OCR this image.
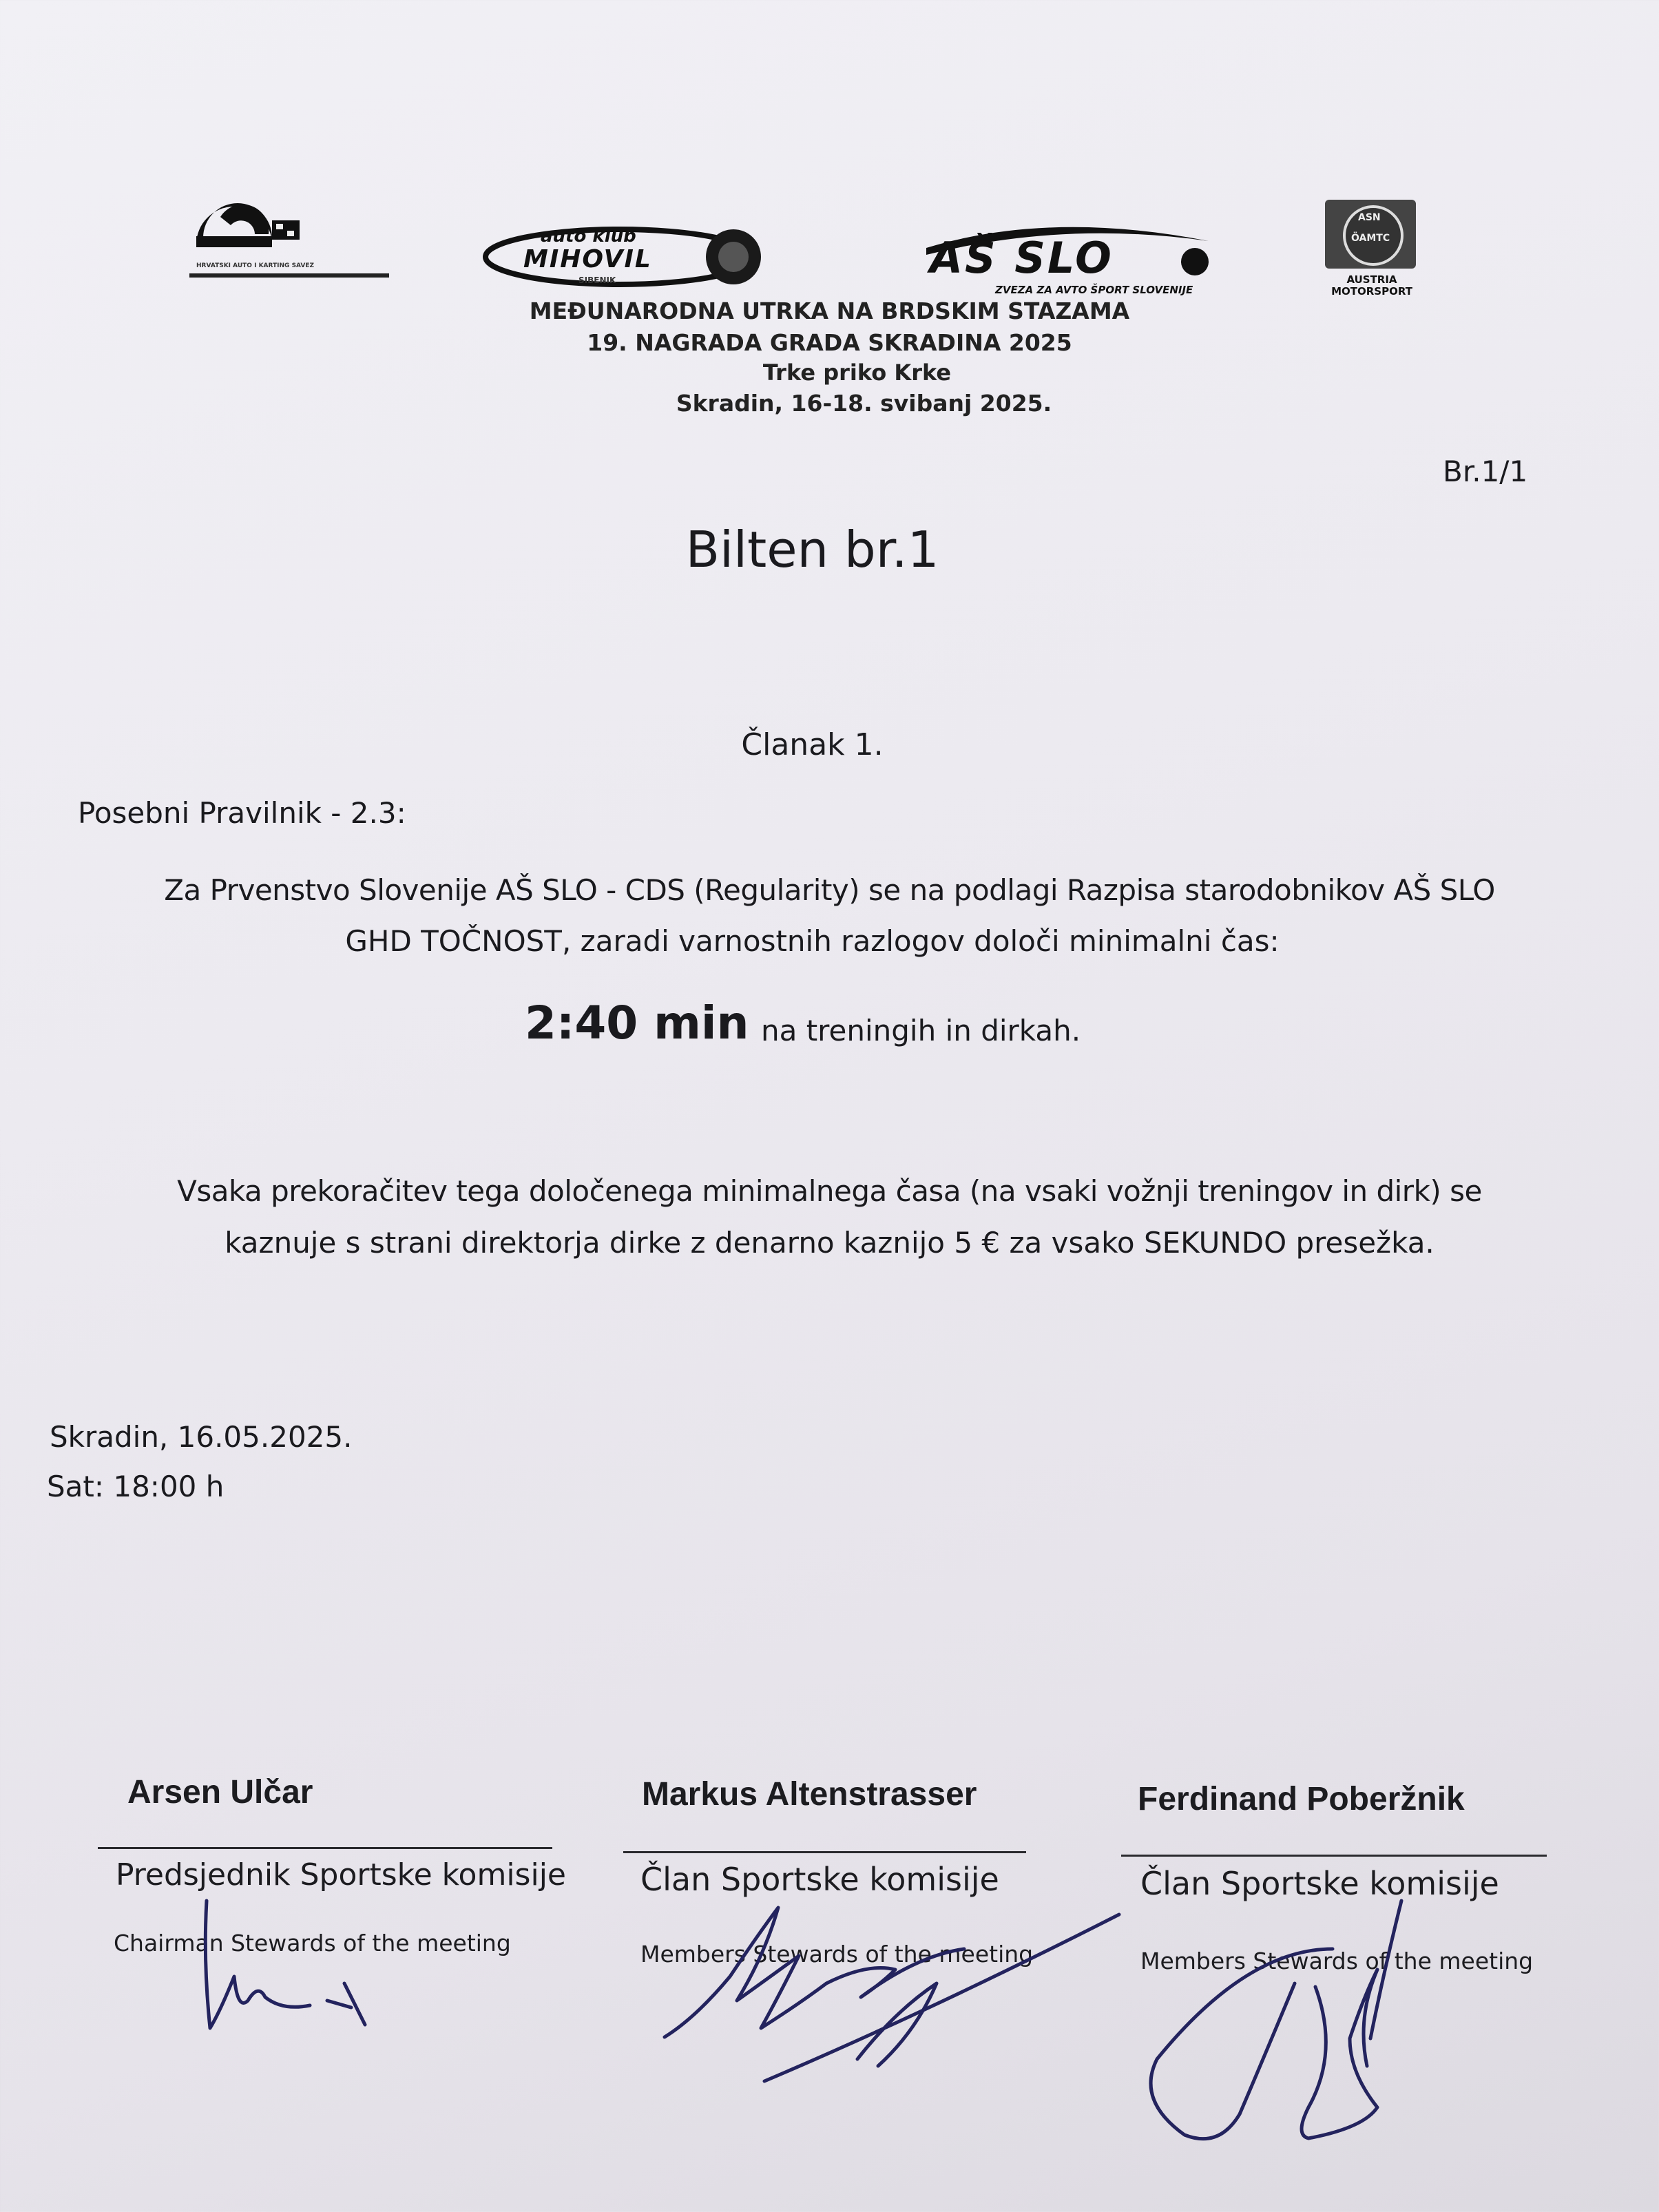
HRVATSKI AUTO I KARTING SAVEZ
auto klub
MIHOVIL
SIBENIK	AŠ SLO
ZVEZA ZA AVTO ŠPORT SLOVENIJE
ASN
ÖAMTC
AUSTRIA MOTORSPORT
MEĐUNARODNA UTRKA NA BRDSKIM STAZAMA
19. NAGRADA GRADA SKRADINA 2025
Trke priko Krke
Skradin, 16-18. svibanj 2025.
Br.1/1
Bilten br.1
Članak 1.
Posebni Pravilnik - 2.3:
Za Prvenstvo Slovenije AŠ SLO - CDS (Regularity) se na podlagi Razpisa starodobnikov AŠ SLO
GHD TOČNOST, zaradi varnostnih razlogov določi minimalni čas:
2:40 min na treningih in dirkah.
Vsaka prekoračitev tega določenega minimalnega časa (na vsaki vožnji treningov in dirk) se
kaznuje s strani direktorja dirke z denarno kaznijo 5 € za vsako SEKUNDO presežka.
Skradin, 16.05.2025.
Sat: 18:00 h
Arsen Ulčar
Predsjednik Sportske komisije
Chairman Stewards of the meeting
Markus Altenstrasser
Član Sportske komisije
Members Stewards of the meeting
Ferdinand Poberžnik
Član Sportske komisije
Members Stewards of the meeting
